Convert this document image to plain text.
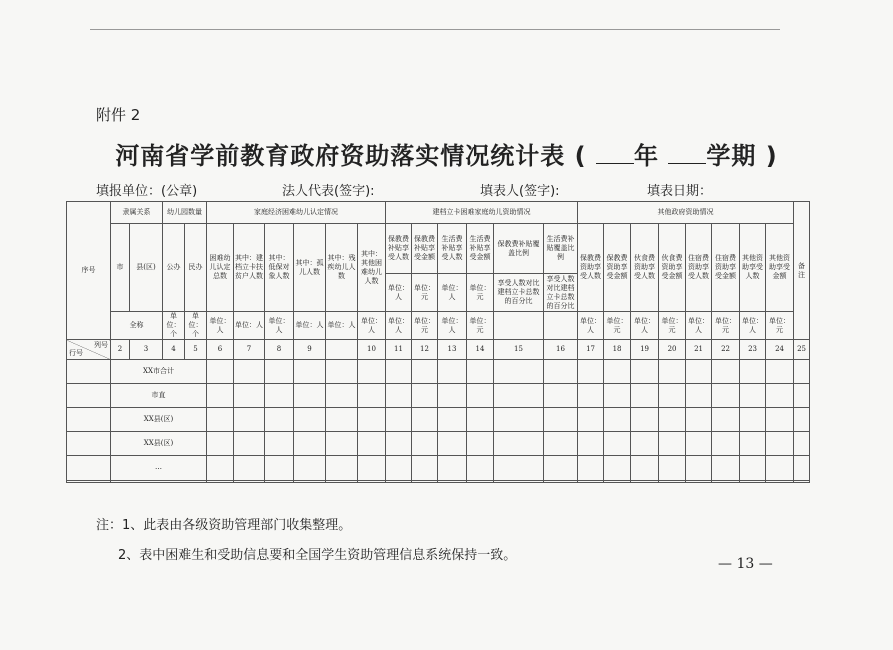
附件 2
河南省学前教育政府资助落实情况统计表 ( 年 学期 )
填报单位：(公章)	法人代表(签字):	填表人(签字):	填表日期：
序号	隶属关系		幼儿园数量		家庭经济困难幼儿认定情况						建档立卡困难家庭幼儿资助情况						其他政府资助情况								备注
	市	县(区)	公办	民办	困难幼儿认定总数	其中：建档立卡扶贫户人数	其中：低保对象人数	其中：孤儿人数	其中：残疾幼儿人数	其中：其他困难幼儿人数	保教费补贴享受人数	保教费补贴享受金额	生活费补贴享受人数	生活费补贴享受金额	保教费补贴覆盖比例	生活费补贴覆盖比例	保教费资助享受人数	保教费资助享受金额	伙食费资助享受人数	伙食费资助享受金额	住宿费资助享受人数	住宿费资助享受金额	其他资助享受人数	其他资助享受金额	
											单位：人	单位：元	单位：人	单位：元	享受人数对比建档立卡总数的百分比	享受人数对比建档立卡总数的百分比									
	全称		单位：个	单位：个	单位：人	单位：人	单位：人	单位：人	单位：人	单位：人	单位：人	单位：元	单位：人	单位：元			单位：人	单位：元	单位：人	单位：元	单位：人	单位：元	单位：人	单位：元	

列号
行号	2	3	4	5	6	7	8	9		10	11	12	13	14	15	16	17	18	19	20	21	22	23	24	25
	XX市合计																								
	市直																								
	XX县(区)																								
	XX县(区)																								
	…																								

注：1、此表由各级资助管理部门收集整理。
2、表中困难生和受助信息要和全国学生资助管理信息系统保持一致。
— 13 —
